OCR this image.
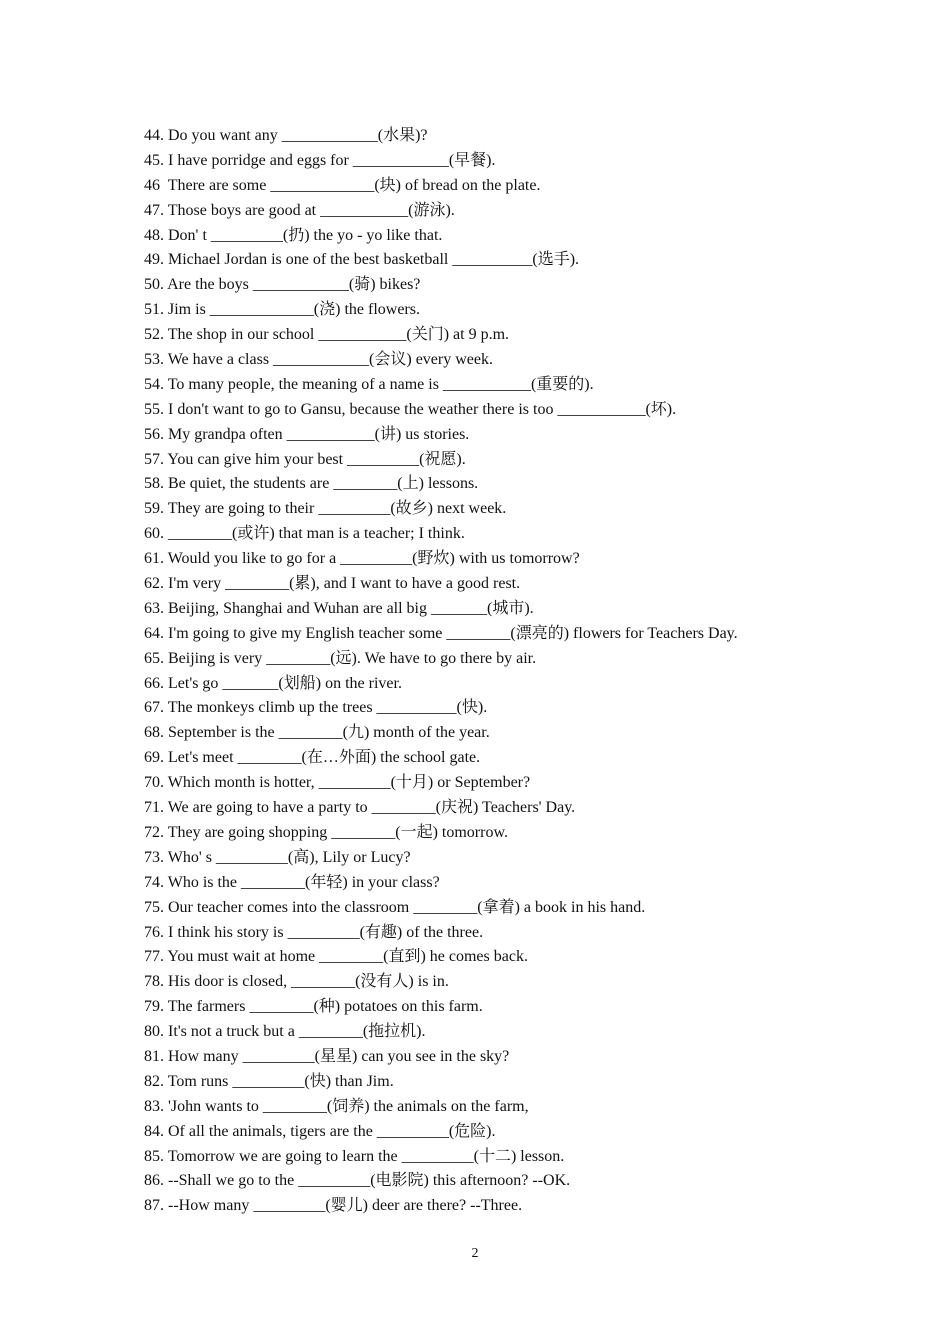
44. Do you want any ____________(水果)?
45. I have porridge and eggs for ____________(早餐).
46  There are some _____________(块) of bread on the plate.
47. Those boys are good at ___________(游泳).
48. Don' t _________(扔) the yo - yo like that.
49. Michael Jordan is one of the best basketball __________(选手).
50. Are the boys ____________(骑) bikes?
51. Jim is _____________(浇) the flowers.
52. The shop in our school ___________(关门) at 9 p.m.
53. We have a class ____________(会议) every week.
54. To many people, the meaning of a name is ___________(重要的).
55. I don't want to go to Gansu, because the weather there is too ___________(坏).
56. My grandpa often ___________(讲) us stories.
57. You can give him your best _________(祝愿).
58. Be quiet, the students are ________(上) lessons.
59. They are going to their _________(故乡) next week.
60. ________(或许) that man is a teacher; I think.
61. Would you like to go for a _________(野炊) with us tomorrow?
62. I'm very ________(累), and I want to have a good rest.
63. Beijing, Shanghai and Wuhan are all big _______(城市).
64. I'm going to give my English teacher some ________(漂亮的) flowers for Teachers Day.
65. Beijing is very ________(远). We have to go there by air.
66. Let's go _______(划船) on the river.
67. The monkeys climb up the trees __________(快).
68. September is the ________(九) month of the year.
69. Let's meet ________(在…外面) the school gate.
70. Which month is hotter, _________(十月) or September?
71. We are going to have a party to ________(庆祝) Teachers' Day.
72. They are going shopping ________(一起) tomorrow.
73. Who' s _________(高), Lily or Lucy?
74. Who is the ________(年轻) in your class?
75. Our teacher comes into the classroom ________(拿着) a book in his hand.
76. I think his story is _________(有趣) of the three.
77. You must wait at home ________(直到) he comes back.
78. His door is closed, ________(没有人) is in.
79. The farmers ________(种) potatoes on this farm.
80. It's not a truck but a ________(拖拉机).
81. How many _________(星星) can you see in the sky?
82. Tom runs _________(快) than Jim.
83. 'John wants to ________(饲养) the animals on the farm,
84. Of all the animals, tigers are the _________(危险).
85. Tomorrow we are going to learn the _________(十二) lesson.
86. --Shall we go to the _________(电影院) this afternoon? --OK.
87. --How many _________(婴儿) deer are there? --Three.
2
